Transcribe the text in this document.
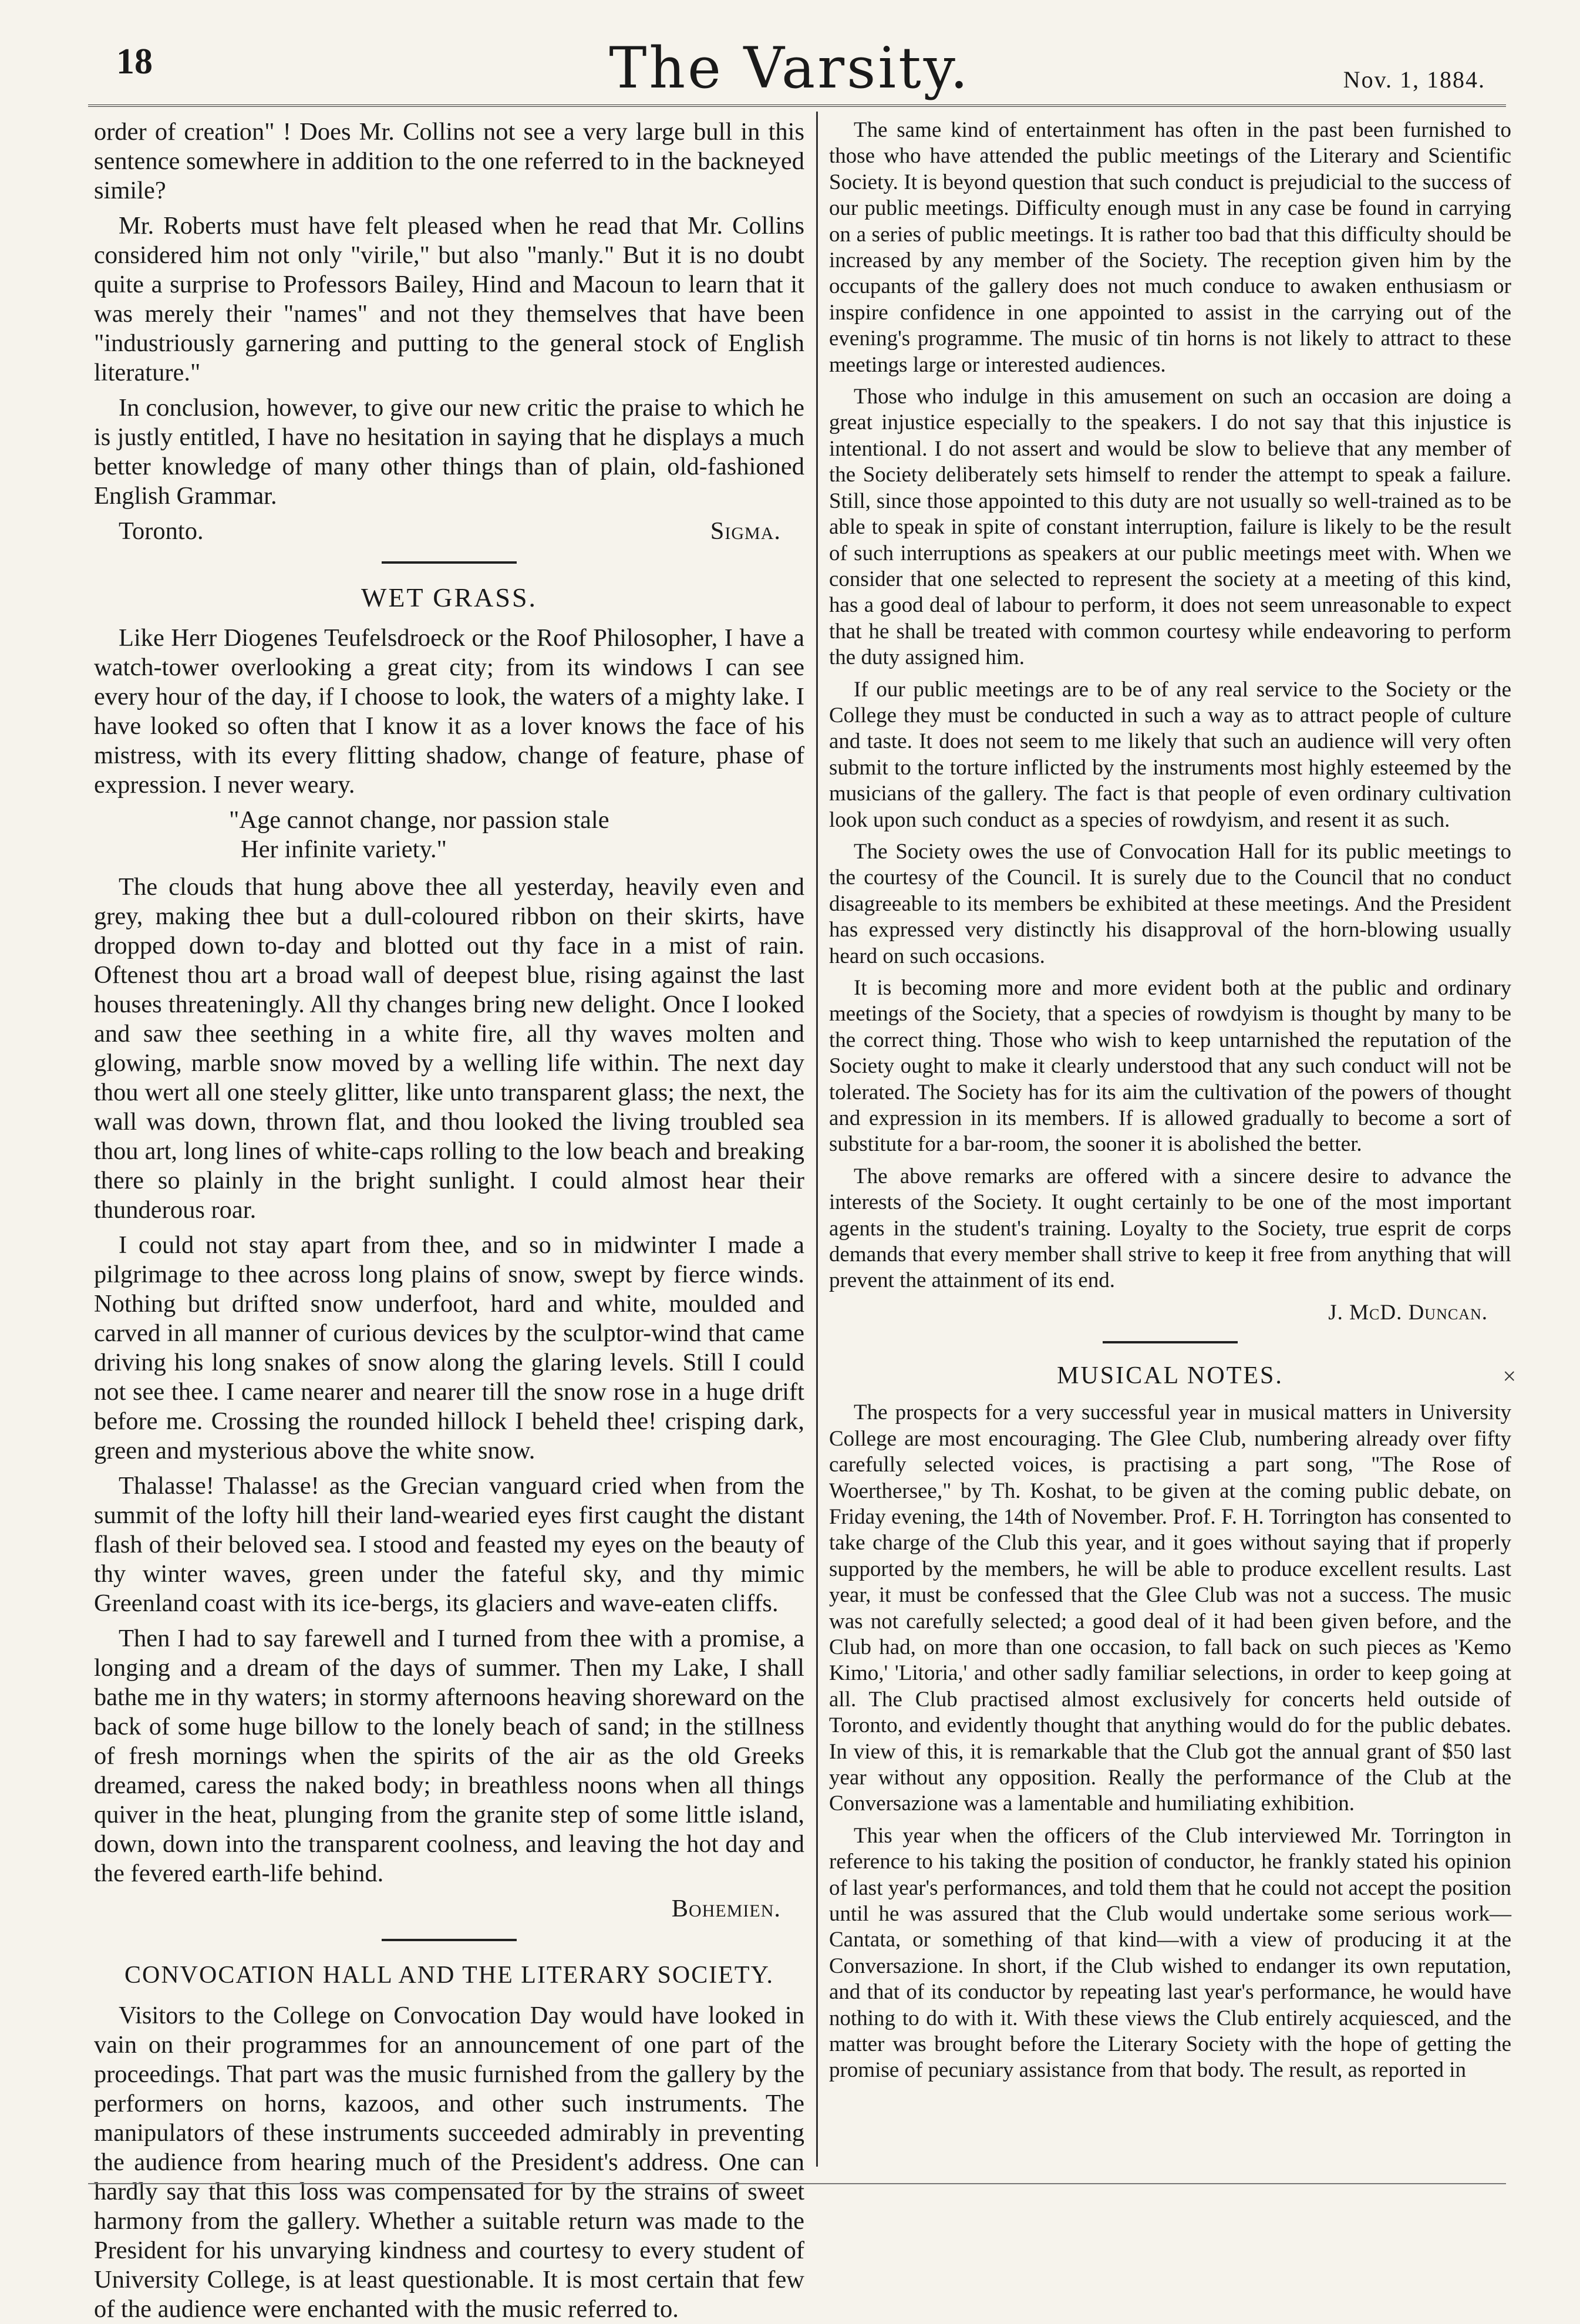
18	The Varsity.	Nov. 1, 1884.

order of creation" ! Does Mr. Collins not see a very large bull in this sentence somewhere in addition to the one referred to in the backneyed simile?

Mr. Roberts must have felt pleased when he read that Mr. Collins considered him not only "virile," but also "manly." But it is no doubt quite a surprise to Professors Bailey, Hind and Macoun to learn that it was merely their "names" and not they themselves that have been "industriously garnering and putting to the general stock of English literature."

In conclusion, however, to give our new critic the praise to which he is justly entitled, I have no hesitation in saying that he displays a much better knowledge of many other things than of plain, old-fashioned English Grammar.

Toronto.	Sigma.
WET GRASS.

Like Herr Diogenes Teufelsdroeck or the Roof Philosopher, I have a watch-tower overlooking a great city; from its windows I can see every hour of the day, if I choose to look, the waters of a mighty lake. I have looked so often that I know it as a lover knows the face of his mistress, with its every flitting shadow, change of feature, phase of expression. I never weary.

"Age cannot change, nor passion stale
Her infinite variety."

The clouds that hung above thee all yesterday, heavily even and grey, making thee but a dull-coloured ribbon on their skirts, have dropped down to-day and blotted out thy face in a mist of rain. Oftenest thou art a broad wall of deepest blue, rising against the last houses threateningly. All thy changes bring new delight. Once I looked and saw thee seething in a white fire, all thy waves molten and glowing, marble snow moved by a welling life within. The next day thou wert all one steely glitter, like unto transparent glass; the next, the wall was down, thrown flat, and thou looked the living troubled sea thou art, long lines of white-caps rolling to the low beach and breaking there so plainly in the bright sunlight. I could almost hear their thunderous roar.

I could not stay apart from thee, and so in midwinter I made a pilgrimage to thee across long plains of snow, swept by fierce winds. Nothing but drifted snow underfoot, hard and white, moulded and carved in all manner of curious devices by the sculptor-wind that came driving his long snakes of snow along the glaring levels. Still I could not see thee. I came nearer and nearer till the snow rose in a huge drift before me. Crossing the rounded hillock I beheld thee! crisping dark, green and mysterious above the white snow.

Thalasse! Thalasse! as the Grecian vanguard cried when from the summit of the lofty hill their land-wearied eyes first caught the distant flash of their beloved sea. I stood and feasted my eyes on the beauty of thy winter waves, green under the fateful sky, and thy mimic Greenland coast with its ice-bergs, its glaciers and wave-eaten cliffs.

Then I had to say farewell and I turned from thee with a promise, a longing and a dream of the days of summer. Then my Lake, I shall bathe me in thy waters; in stormy afternoons heaving shoreward on the back of some huge billow to the lonely beach of sand; in the stillness of fresh mornings when the spirits of the air as the old Greeks dreamed, caress the naked body; in breathless noons when all things quiver in the heat, plunging from the granite step of some little island, down, down into the transparent coolness, and leaving the hot day and the fevered earth-life behind.

Bohemien.
CONVOCATION HALL AND THE LITERARY SOCIETY.

Visitors to the College on Convocation Day would have looked in vain on their programmes for an announcement of one part of the proceedings. That part was the music furnished from the gallery by the performers on horns, kazoos, and other such instruments. The manipulators of these instruments succeeded admirably in preventing the audience from hearing much of the President's address. One can hardly say that this loss was compensated for by the strains of sweet harmony from the gallery. Whether a suitable return was made to the President for his unvarying kindness and courtesy to every student of University College, is at least questionable. It is most certain that few of the audience were enchanted with the music referred to.

The same kind of entertainment has often in the past been furnished to those who have attended the public meetings of the Literary and Scientific Society. It is beyond question that such conduct is prejudicial to the success of our public meetings. Difficulty enough must in any case be found in carrying on a series of public meetings. It is rather too bad that this difficulty should be increased by any member of the Society. The reception given him by the occupants of the gallery does not much conduce to awaken enthusiasm or inspire confidence in one appointed to assist in the carrying out of the evening's programme. The music of tin horns is not likely to attract to these meetings large or interested audiences.

Those who indulge in this amusement on such an occasion are doing a great injustice especially to the speakers. I do not say that this injustice is intentional. I do not assert and would be slow to believe that any member of the Society deliberately sets himself to render the attempt to speak a failure. Still, since those appointed to this duty are not usually so well-trained as to be able to speak in spite of constant interruption, failure is likely to be the result of such interruptions as speakers at our public meetings meet with. When we consider that one selected to represent the society at a meeting of this kind, has a good deal of labour to perform, it does not seem unreasonable to expect that he shall be treated with common courtesy while endeavoring to perform the duty assigned him.

If our public meetings are to be of any real service to the Society or the College they must be conducted in such a way as to attract people of culture and taste. It does not seem to me likely that such an audience will very often submit to the torture inflicted by the instruments most highly esteemed by the musicians of the gallery. The fact is that people of even ordinary cultivation look upon such conduct as a species of rowdyism, and resent it as such.

The Society owes the use of Convocation Hall for its public meetings to the courtesy of the Council. It is surely due to the Council that no conduct disagreeable to its members be exhibited at these meetings. And the President has expressed very distinctly his disapproval of the horn-blowing usually heard on such occasions.

It is becoming more and more evident both at the public and ordinary meetings of the Society, that a species of rowdyism is thought by many to be the correct thing. Those who wish to keep untarnished the reputation of the Society ought to make it clearly understood that any such conduct will not be tolerated. The Society has for its aim the cultivation of the powers of thought and expression in its members. If is allowed gradually to become a sort of substitute for a bar-room, the sooner it is abolished the better.

The above remarks are offered with a sincere desire to advance the interests of the Society. It ought certainly to be one of the most important agents in the student's training. Loyalty to the Society, true esprit de corps demands that every member shall strive to keep it free from anything that will prevent the attainment of its end.

J. McD. Duncan.
MUSICAL NOTES.	×

The prospects for a very successful year in musical matters in University College are most encouraging. The Glee Club, numbering already over fifty carefully selected voices, is practising a part song, "The Rose of Woerthersee," by Th. Koshat, to be given at the coming public debate, on Friday evening, the 14th of November. Prof. F. H. Torrington has consented to take charge of the Club this year, and it goes without saying that if properly supported by the members, he will be able to produce excellent results. Last year, it must be confessed that the Glee Club was not a success. The music was not carefully selected; a good deal of it had been given before, and the Club had, on more than one occasion, to fall back on such pieces as 'Kemo Kimo,' 'Litoria,' and other sadly familiar selections, in order to keep going at all. The Club practised almost exclusively for concerts held outside of Toronto, and evidently thought that anything would do for the public debates. In view of this, it is remarkable that the Club got the annual grant of $50 last year without any opposition. Really the performance of the Club at the Conversazione was a lamentable and humiliating exhibition.

This year when the officers of the Club interviewed Mr. Torrington in reference to his taking the position of conductor, he frankly stated his opinion of last year's performances, and told them that he could not accept the position until he was assured that the Club would undertake some serious work—Cantata, or something of that kind—with a view of producing it at the Conversazione. In short, if the Club wished to endanger its own reputation, and that of its conductor by repeating last year's performance, he would have nothing to do with it. With these views the Club entirely acquiesced, and the matter was brought before the Literary Society with the hope of getting the promise of pecuniary assistance from that body. The result, as reported in
